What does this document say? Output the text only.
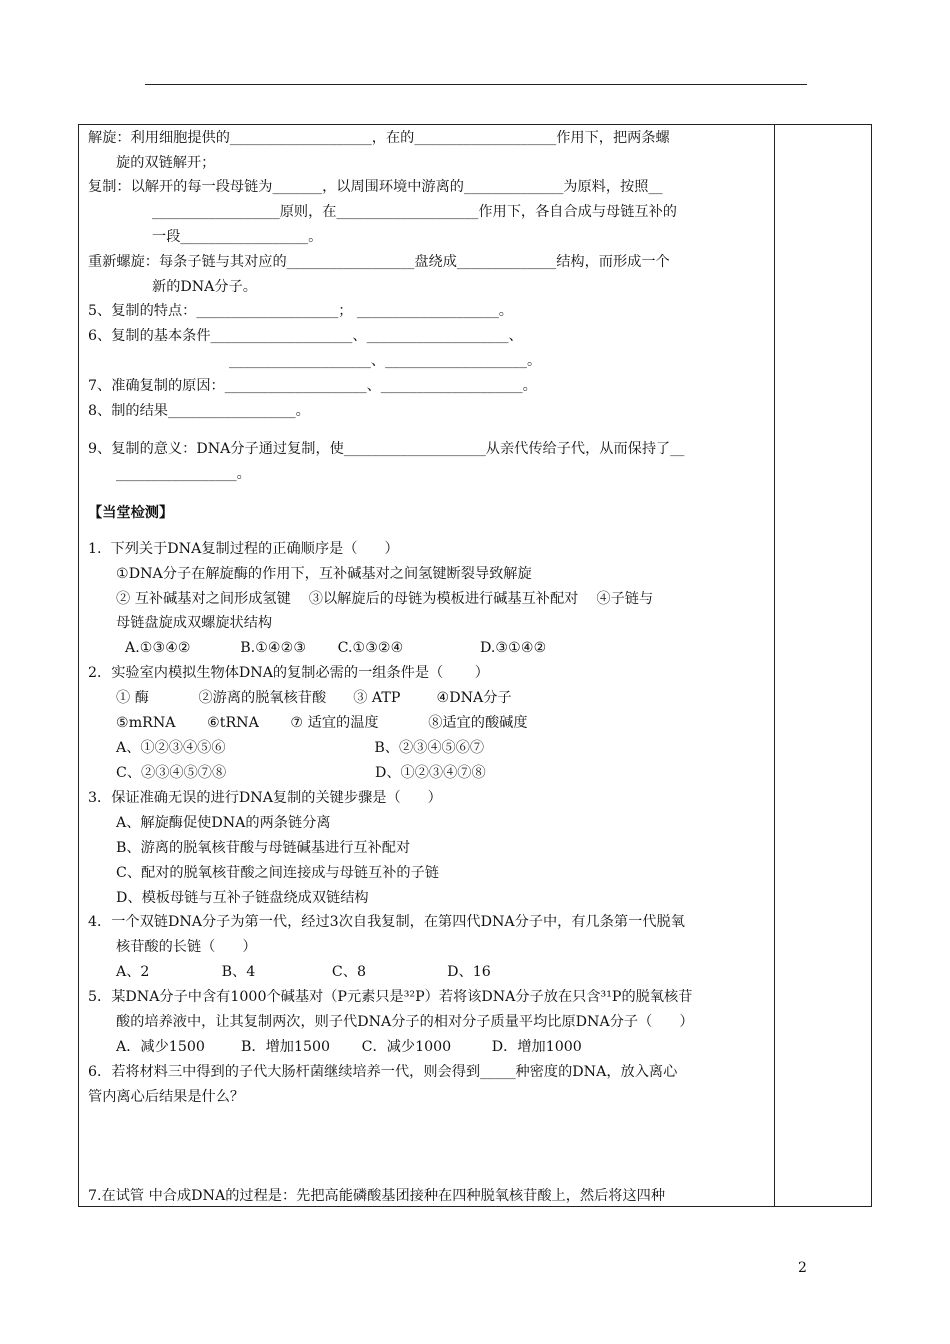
解旋：利用细胞提供的____________________，在的____________________作用下，把两条螺
旋的双链解开；
复制：以解开的每一段母链为_______，以周围环境中游离的______________为原料，按照__
__________________原则，在____________________作用下，各自合成与母链互补的
一段__________________。
重新螺旋：每条子链与其对应的__________________盘绕成______________结构，而形成一个
新的DNA分子。
5、复制的特点：____________________； ____________________。
6、复制的基本条件____________________、____________________、
____________________、____________________。
7、准确复制的原因：____________________、____________________。
8、制的结果__________________。
9、复制的意义：DNA分子通过复制，使____________________从亲代传给子代，从而保持了__
_________________。
【当堂检测】
1.  下列关于DNA复制过程的正确顺序是（      ）
①DNA分子在解旋酶的作用下，互补碱基对之间氢键断裂导致解旋
② 互补碱基对之间形成氢键    ③以解旋后的母链为模板进行碱基互补配对    ④子链与
母链盘旋成双螺旋状结构
A.①③④②           B.①④②③       C.①③②④                 D.③①④②
2．实验室内模拟生物体DNA的复制必需的一组条件是（       ）
① 酶           ②游离的脱氧核苷酸      ③ ATP        ④DNA分子
⑤mRNA       ⑥tRNA       ⑦ 适宜的温度           ⑧适宜的酸碱度
A、①②③④⑤⑥                                 B、②③④⑤⑥⑦
C、②③④⑤⑦⑧                                 D、①②③④⑦⑧
3．保证准确无误的进行DNA复制的关键步骤是（      ）
A、解旋酶促使DNA的两条链分离
B、游离的脱氧核苷酸与母链碱基进行互补配对
C、配对的脱氧核苷酸之间连接成与母链互补的子链
D、模板母链与互补子链盘绕成双链结构
4．一个双链DNA分子为第一代，经过3次自我复制，在第四代DNA分子中，有几条第一代脱氧
核苷酸的长链（      ）
A、2                B、4                 C、8                  D、16
5．某DNA分子中含有1000个碱基对（P元素只是³²P）若将该DNA分子放在只含³¹P的脱氧核苷
酸的培养液中，让其复制两次，则子代DNA分子的相对分子质量平均比原DNA分子（      ）
A．减少1500        B．增加1500       C．减少1000         D．增加1000
6．若将材料三中得到的子代大肠杆菌继续培养一代，则会得到_____种密度的DNA，放入离心
管内离心后结果是什么？
7.在试管 中合成DNA的过程是：先把高能磷酸基团接种在四种脱氧核苷酸上，然后将这四种
2
